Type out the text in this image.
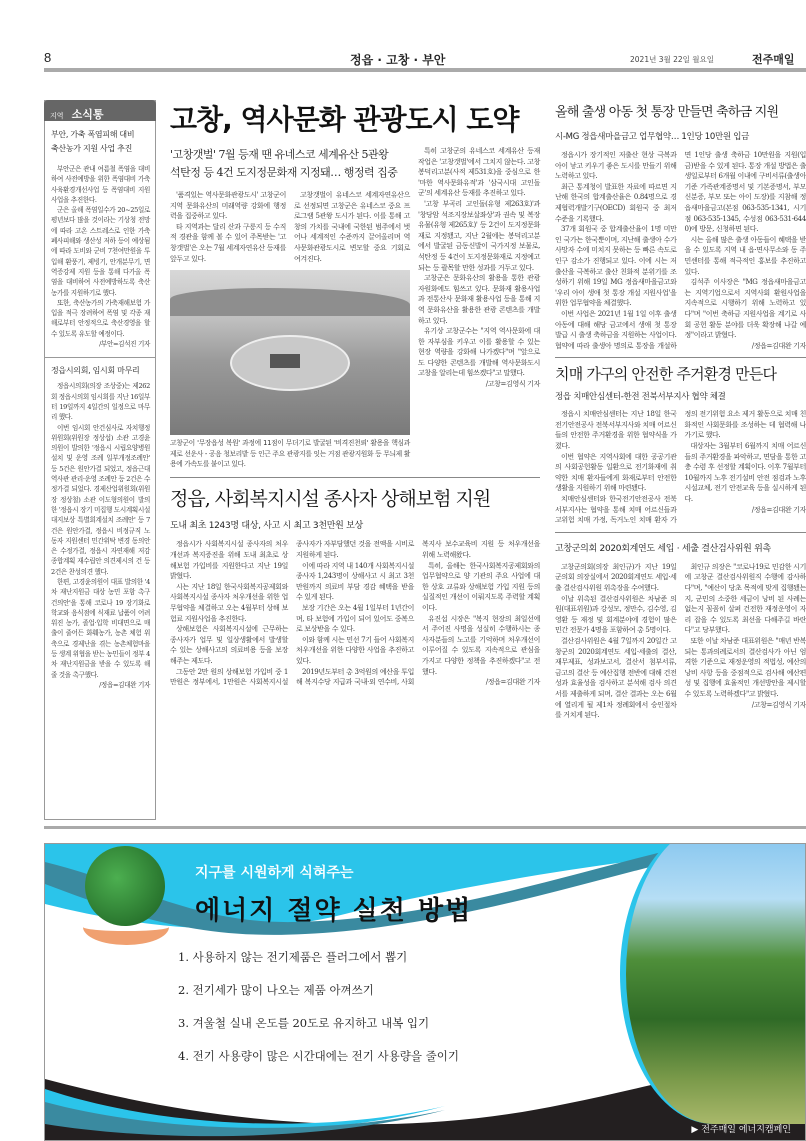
8	정읍 · 고창 · 부안	2021년 3월 22일 월요일	전주매일
지역 소식통
부안, 가축 폭염피해 대비
축산농가 지원 사업 추진

부안군은 관내 여름철 폭염을 대비하여 사전예방을 위한 폭염대비 가축사육환경개선사업 등 폭염대비 지원 사업을 추진한다.

군은 올해 폭염일수가 20~25일로 평년보다 많을 것이라는 기상청 전망에 따라 고온 스트레스로 인한 가축폐사피해와 생산성 저하 등이 예상됨에 따라 도비와 군비 7천여만원을 투입해 환풍기, 제빙기, 안개분무기, 면역증강제 지원 등을 통해 다가올 폭염을 대비하여 사전예방하도록 축산 농가를 지원하기로 했다.

또한, 축산농가의 가축재해보험 가입을 적극 장려하여 폭염 및 각종 재해로부터 안정적으로 축산경영을 할 수 있도록 유도할 예정이다.

/부안=김석진 기자

정읍시의회, 임시회 마무리

정읍시의회(의장 조상중)는 제262회 정읍시의회 임시회를 지난 16일부터 19일까지 4일간의 일정으로 마무리 했다.

이번 임시회 안건심사로 자치행정위원회(위원장 정상섭) 소관 고경윤의원이 발의한 '정읍시 시립요양병원 설치 및 운영 조례 일부개정조례안' 등 5건은 원안가결 되었고, 정읍근대역사관 관리·운영 조례안 등 2건은 수정가결 되었다. 경제산업위원회(위원장 정상철) 소관 이도형의원이 발의한 '정읍시 장기 미집행 도시계획시설 대지보상 특별회계설치 조례안' 등 7건은 원안가결, 정읍시 비정규직 노동자 지원센터 민간위탁 변경 동의안은 수정가결, 정읍시 자연재해 저감종합계획 재수립안 의견제시의 건 등 2건은 찬성의견 했다.

한편, 고경윤의원이 대표 발의한 '4차 재난지원금 대상 농민 포함 촉구 건의안'을 통해 코로나 19 장기화로 학교와 음식점에 식재료 납품이 어려워진 농가, 졸업·입학 비대면으로 매출이 줄어든 화훼농가, 농촌 체험 위축으로 경제난을 겪는 농촌체험마을 등 생계 위협을 받는 농민들이 정부 4차 재난지원금을 받을 수 있도록 해 줄 것을 촉구했다.

/정읍=김대완 기자

고창, 역사문화 관광도시 도약
'고창갯벌' 7월 등재 땐 유네스코 세계유산 5관왕
석탄정 등 4건 도지정문화재 지정돼… 행정력 집중

'품격있는 역사문화관광도시' 고창군이 지역 문화유산의 미래역량 강화에 행정력을 집중하고 있다.

타 지역과는 달리 산과 구릉지 등 수직적 경관을 함께 볼 수 있어 주목받는 '고창갯벌'은 오는 7월 세계자연유산 등재를 앞두고 있다.

고창갯벌이 유네스코 세계자연유산으로 선정되면 고창군은 유네스코 중요 프로그램 5관왕 도시가 된다. 이를 통해 고창의 가치를 국내에 국한된 범주에서 벗어나 세계적인 수준까지 끌어올리며 역사문화관광도시로 변모할 중요 기회로 여겨진다.

고창군이 '무장읍성 복원' 과정에 11점이 무더기로 발굴된 '비격진천뢰' 활용을 핵심과제로 선운사 - 공음 청보리밭 등 인근 주요 관광지를 잇는 거점 관광지원화 등 무늬제 활용에 가속도를 붙이고 있다.

특히 고창군의 유네스코 세계유산 등재작업은 '고창갯벌'에서 그치지 않는다. 고창 봉덕리고분(사적 제531호)을 중심으로 한 '마한 역사문화유적'과 '삼국시대 고인돌군'의 세계유산 등재를 추진하고 있다.

'고창 부곡리 고인돌(유형 제263호)'과 '창당암 석조지장보살좌상'과 권속 및 복장유물(유형 제265호)' 등 2건이 도지정문화재로 지정됐고, 지난 2월에는 봉덕리고분에서 발굴된 금동신발이 국가지정 보물로, 석탄정 등 4건이 도지정문화재로 지정예고 되는 등 괄목할 만한 성과를 거두고 있다.

고창군은 문화유산의 활용을 통한 관광자원화에도 힘쓰고 있다. 문화재 활용사업과 전통산사 문화재 활용사업 등을 통해 지역 문화유산을 활용한 관광 콘텐츠를 개발하고 있다.

유기상 고창군수는 "지역 역사문화에 대한 자부심을 키우고 이를 활용할 수 있는 현장 역량을 강화해 나가겠다"며 "앞으로도 다양한 콘텐츠를 개발해 역사문화도시 고창을 알리는데 힘쓰겠다"고 말했다.

/고창=김영식 기자

정읍, 사회복지시설 종사자 상해보험 지원
도내 최초 1243명 대상, 사고 시 최고 3천만원 보상

정읍시가 사회복지시설 종사자의 처우개선과 복지증진을 위해 도내 최초로 상해보험 가입비를 지원한다고 지난 19일 밝혔다.

시는 지난 18일 한국사회복지공제회와 사회복지시설 종사자 처우개선을 위한 업무협약을 체결하고 오는 4월부터 상해 보험료 지원사업을 추진한다.

상해보험은 사회복지시설에 근무하는 종사자가 업무 및 일상생활에서 발생할 수 있는 상해사고의 의료비용 등을 보장해주는 제도다.

그동안 2만 원의 상해보험 가입비 중 1만원은 정부에서, 1만원은 사회복지시설 종사자가 자부담했던 것을 전액을 시비로 지원하게 된다.

이에 따라 지역 내 140개 사회복지시설 종사자 1,243명이 상해사고 시 최고 3천만원까지 의료비 부담 경감 혜택을 받을 수 있게 된다.

보장 기간은 오는 4월 1일부터 1년간이며, 타 보험에 가입이 되어 있어도 중복으로 보상받을 수 있다.

이와 함께 시는 민선 7기 들어 사회복지 처우개선을 위한 다양한 사업을 추진하고 있다.

2019년도부터 총 3억원의 예산을 투입해 복지수당 지급과 국내·외 연수비, 사회복지사 보수교육비 지원 등 처우개선을 위해 노력해왔다.

특히, 올해는 한국사회복지공제회와의 업무협약으로 양 기관의 주요 사업에 대한 상호 교류와 상해보험 가입 지원 등의 실질적인 개선이 이뤄지도록 주력할 계획이다.

유진섭 시장은 "복지 현장의 최일선에서 주어진 사명을 성실히 수행하시는 종사자분들의 노고를 기억하며 처우개선이 이루어질 수 있도록 지속적으로 관심을 가지고 다양한 정책을 추진하겠다"고 전했다.

/정읍=김대완 기자

올해 출생 아동 첫 통장 만들면 축하금 지원
시-MG 정읍새마을금고 업무협약… 1인당 10만원 입금

정읍시가 장기적인 저출산 현상 극복과 아이 낳고 키우기 좋은 도시를 만들기 위해 노력하고 있다.

최근 통계청이 발표한 자료에 따르면 지난해 한국의 합계출산율은 0.84명으로 경제협력개발기구(OECD) 회원국 중 최저 수준을 기록했다.

37개 회원국 중 합계출산율이 1명 미만인 국가는 한국뿐이며, 지난해 출생아 수가 사망자 수에 미치지 못하는 등 빠른 속도로 인구 감소가 진행되고 있다. 이에 시는 저출산을 극복하고 출산 친화적 분위기를 조성하기 위해 19일 MG 정읍새마을금고와 '우리 아이 생애 첫 통장 개설 지원사업'을 위한 업무협약을 체결했다.

이번 사업은 2021년 1월 1일 이후 출생 아동에 대해 해당 금고에서 생애 첫 통장 발급 시 출생 축하금을 지원하는 사업이다. 협약에 따라 출생아 명의로 통장을 개설하면 1인당 출생 축하금 10만원을 지원(입금)받을 수 있게 된다. 통장 개설 방법은 출생일로부터 6개월 이내에 구비서류(출생아 기준 가족관계증명서 및 기본증명서, 부모 신분증, 부모 또는 아이 도장)를 지참해 정읍새마을금고(본점 063-535-1341, 시기점 063-535-1345, 수성점 063-531-6440)에 방문, 신청하면 된다.

시는 올해 많은 출생 아동들이 혜택을 받을 수 있도록 지역 내 읍·면사무소와 동 주민센터를 통해 적극적인 홍보를 추진하고 있다.

김석주 이사장은 "MG 정읍새마을금고는 지역기업으로서 지역사회 환원사업을 지속적으로 시행하기 위해 노력하고 있다"며 "이번 축하금 지원사업을 계기로 사회 공헌 활동 분야를 더욱 확장해 나갈 예정"이라고 밝혔다.

/정읍=김대완 기자

치매 가구의 안전한 주거환경 만든다
정읍 치매안심센터-한전 전북서부지사 협약 체결

정읍시 치매안심센터는 지난 18일 한국전기안전공사 전북서부지사와 치매 어르신들의 안전한 주거환경을 위한 협약식을 가졌다.

이번 협약은 지역사회에 대한 공공기관의 사회공헌활동 일환으로 전기화재에 취약한 치매 환자들에게 화재로부터 안전한 생활을 지원하기 위해 마련됐다.

치매안심센터와 한국전기안전공사 전북서부지사는 협약을 통해 치매 어르신들과 고위험 치매 가정, 독거노인 치매 환자 가정의 전기위험 요소 제거 활동으로 치매 친화적인 사회문화를 조성하는 데 협력해 나가기로 했다.

대상자는 3월부터 6월까지 치매 어르신들의 주거환경을 파악하고, 면담을 통한 고충 수렴 후 선정할 계획이다. 이후 7월부터 10월까지 노후 전기설비 안전 점검과 노후 시설교체, 전기 안전교육 등을 실시하게 된다.

/정읍=김대완 기자

고창군의회 2020회계연도 세입 · 세출 결산검사위원 위촉

고창군의회(의장 최인규)가 지난 19일 군의회 의장실에서 2020회계연도 세입·세출 결산검사위원 위촉장을 수여했다.

이날 위촉된 결산검사위원은 차남준 의원(대표위원)과 강성모, 정만수, 김수영, 김영환 등 재정 및 회계분야에 경험이 많은 민간 전문가 4명을 포함하여 총 5명이다.

결산검사위원은 4월 7일까지 20일간 고창군의 2020회계연도 세입·세출의 결산, 재무제표, 성과보고서, 결산서 첨부서류, 금고의 결산 등 예산집행 전반에 대해 건전성과 효율성을 검사하고 분석해 검사 의견서를 제출하게 되며, 결산 결과는 오는 6월에 열리게 될 제1차 정례회에서 승인절차를 거치게 된다.

최인규 의장은 "코로나19로 민감한 시기에 고창군 결산검사위원직 수행에 감사하다"며, "예산이 당초 목적에 맞게 집행됐는지, 군민의 소중한 세금이 낭비 된 사례는 없는지 꼼꼼히 살펴 건전한 재정운영이 자리 잡을 수 있도록 최선을 다해주길 바란다"고 당부했다.

또한 이날 차남준 대표위원은 "매년 반복되는 통과의례로서의 결산검사가 아닌 엄격한 기준으로 재정운영의 적법성, 예산의 낭비 사항 등을 중점적으로 검사해 예산편성 및 집행에 효율적인 개선방안을 제시할 수 있도록 노력하겠다"고 밝혔다.

/고창=김영식 기자

지구를 시원하게 식혀주는
에너지 절약 실천 방법
1. 사용하지 않는 전기제품은 플러그에서 뽑기
2. 전기세가 많이 나오는 제품 아껴쓰기
3. 겨울철 실내 온도를 20도로 유지하고 내복 입기
4. 전기 사용량이 많은 시간대에는 전기 사용량을 줄이기
▶ 전주매일 에너지캠페인
